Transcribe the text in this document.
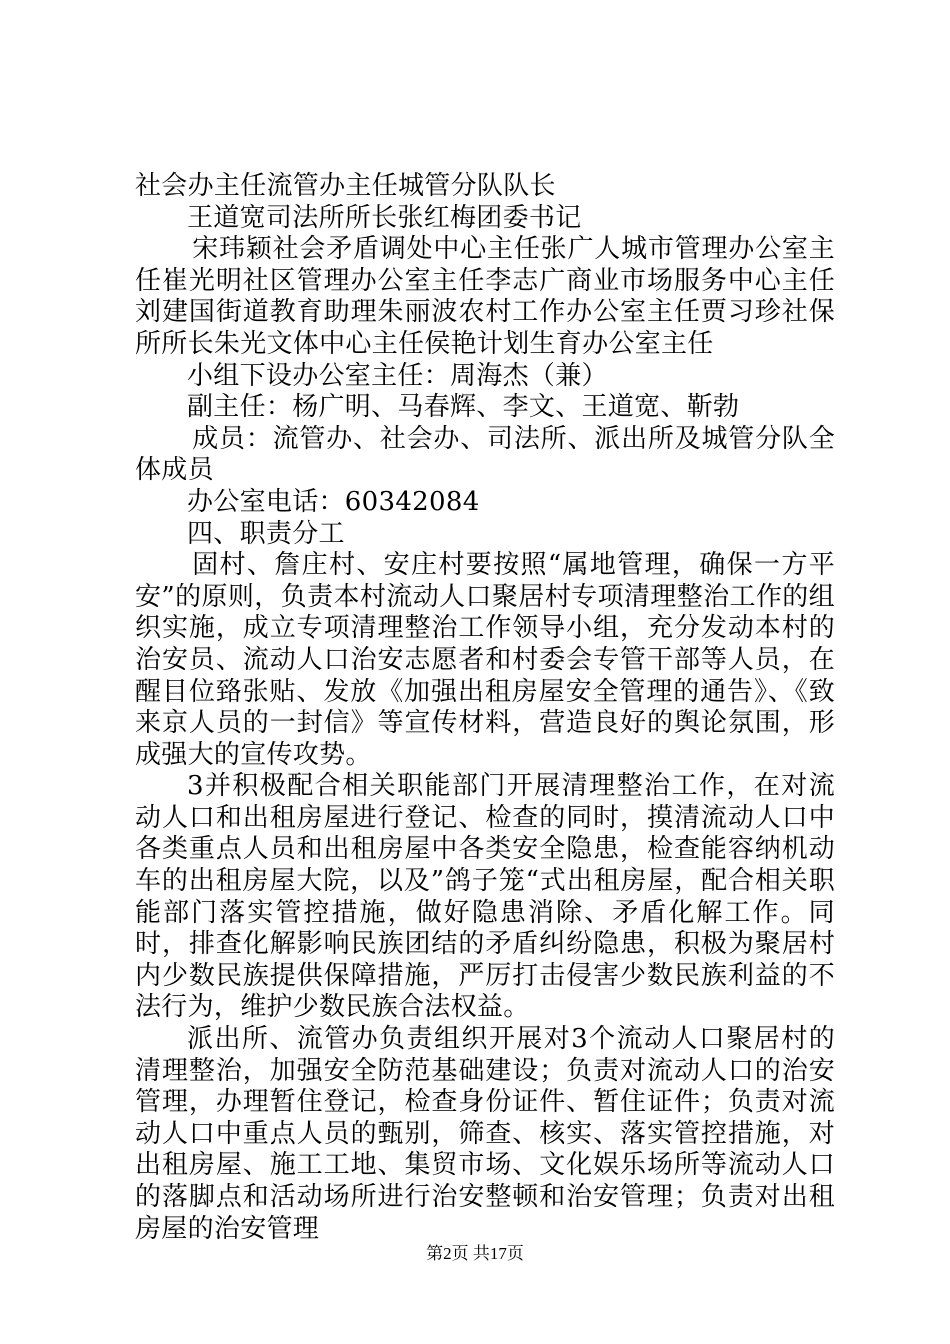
社会办主任流管办主任城管分队队长

王道宽司法所所长张红梅团委书记

宋玮颖社会矛盾调处中心主任张广人城市管理办公室主任崔光明社区管理办公室主任李志广商业市场服务中心主任刘建国街道教育助理朱丽波农村工作办公室主任贾习珍社保所所长朱光文体中心主任侯艳计划生育办公室主任

小组下设办公室主任：周海杰（兼）

副主任：杨广明、马春辉、李文、王道宽、靳勃

成员：流管办、社会办、司法所、派出所及城管分队全体成员

办公室电话：60342084

四、职责分工

固村、詹庄村、安庄村要按照“属地管理，确保一方平安”的原则，负责本村流动人口聚居村专项清理整治工作的组织实施，成立专项清理整治工作领导小组，充分发动本村的治安员、流动人口治安志愿者和村委会专管干部等人员，在醒目位臵张贴、发放《加强出租房屋安全管理的通告》、《致来京人员的一封信》等宣传材料，营造良好的舆论氛围，形成强大的宣传攻势。

3并积极配合相关职能部门开展清理整治工作，在对流动人口和出租房屋进行登记、检查的同时，摸清流动人口中各类重点人员和出租房屋中各类安全隐患，检查能容纳机动车的出租房屋大院，以及”鸽子笼“式出租房屋，配合相关职能部门落实管控措施，做好隐患消除、矛盾化解工作。同时，排查化解影响民族团结的矛盾纠纷隐患，积极为聚居村内少数民族提供保障措施，严厉打击侵害少数民族利益的不法行为，维护少数民族合法权益。

派出所、流管办负责组织开展对3个流动人口聚居村的清理整治，加强安全防范基础建设；负责对流动人口的治安管理，办理暂住登记，检查身份证件、暂住证件；负责对流动人口中重点人员的甄别，筛查、核实、落实管控措施，对出租房屋、施工工地、集贸市场、文化娱乐场所等流动人口的落脚点和活动场所进行治安整顿和治安管理；负责对出租房屋的治安管理

第2页 共17页
